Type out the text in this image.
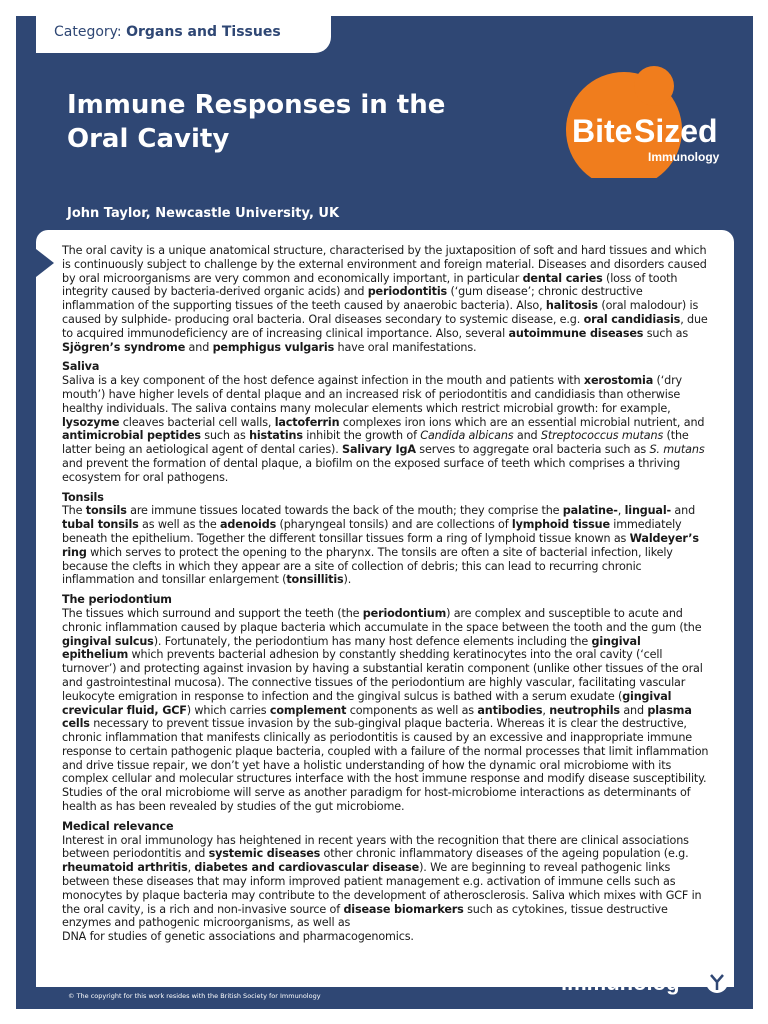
Category: Organs and Tissues
Immune Responses in the
Oral Cavity	Bite Sized
Immunology
John Taylor, Newcastle University, UK

The oral cavity is a unique anatomical structure, characterised by the juxtaposition of soft and hard tissues and which is continuously subject to challenge by the external environment and foreign material. Diseases and disorders caused by oral microorganisms are very common and economically important, in particular dental caries (loss of tooth integrity caused by bacteria-derived organic acids) and periodontitis (‘gum disease’; chronic destructive inflammation of the supporting tissues of the teeth caused by anaerobic bacteria). Also, halitosis (oral malodour) is caused by sulphide- producing oral bacteria. Oral diseases secondary to systemic disease, e.g. oral candidiasis, due to acquired immunodeficiency are of increasing clinical importance. Also, several autoimmune diseases such as Sjögren’s syndrome and pemphigus vulgaris have oral manifestations.

Saliva
Saliva is a key component of the host defence against infection in the mouth and patients with xerostomia (‘dry mouth’) have higher levels of dental plaque and an increased risk of periodontitis and candidiasis than otherwise healthy individuals. The saliva contains many molecular elements which restrict microbial growth: for example, lysozyme cleaves bacterial cell walls, lactoferrin complexes iron ions which are an essential microbial nutrient, and antimicrobial peptides such as histatins inhibit the growth of Candida albicans and Streptococcus mutans (the latter being an aetiological agent of dental caries). Salivary IgA serves to aggregate oral bacteria such as S. mutans and prevent the formation of dental plaque, a biofilm on the exposed surface of teeth which comprises a thriving ecosystem for oral pathogens.

Tonsils
The tonsils are immune tissues located towards the back of the mouth; they comprise the palatine-, lingual- and tubal tonsils as well as the adenoids (pharyngeal tonsils) and are collections of lymphoid tissue immediately beneath the epithelium. Together the different tonsillar tissues form a ring of lymphoid tissue known as Waldeyer’s ring which serves to protect the opening to the pharynx. The tonsils are often a site of bacterial infection, likely because the clefts in which they appear are a site of collection of debris; this can lead to recurring chronic inflammation and tonsillar enlargement (tonsillitis).

The periodontium
The tissues which surround and support the teeth (the periodontium) are complex and susceptible to acute and chronic inflammation caused by plaque bacteria which accumulate in the space between the tooth and the gum (the gingival sulcus). Fortunately, the periodontium has many host defence elements including the gingival epithelium which prevents bacterial adhesion by constantly shedding keratinocytes into the oral cavity (‘cell turnover’) and protecting against invasion by having a substantial keratin component (unlike other tissues of the oral and gastrointestinal mucosa). The connective tissues of the periodontium are highly vascular, facilitating vascular leukocyte emigration in response to infection and the gingival sulcus is bathed with a serum exudate (gingival crevicular fluid, GCF) which carries complement components as well as antibodies, neutrophils and plasma cells necessary to prevent tissue invasion by the sub-gingival plaque bacteria. Whereas it is clear the destructive, chronic inflammation that manifests clinically as periodontitis is caused by an excessive and inappropriate immune response to certain pathogenic plaque bacteria, coupled with a failure of the normal processes that limit inflammation and drive tissue repair, we don’t yet have a holistic understanding of how the dynamic oral microbiome with its complex cellular and molecular structures interface with the host immune response and modify disease susceptibility. Studies of the oral microbiome will serve as another paradigm for host-microbiome interactions as determinants of health as has been revealed by studies of the gut microbiome.

Medical relevance
Interest in oral immunology has heightened in recent years with the recognition that there are clinical associations between periodontitis and systemic diseases other chronic inflammatory diseases of the ageing population (e.g. rheumatoid arthritis, diabetes and cardiovascular disease). We are beginning to reveal pathogenic links between these diseases that may inform improved patient management e.g. activation of immune cells such as monocytes by plaque bacteria may contribute to the development of atherosclerosis. Saliva which mixes with GCF in the oral cavity, is a rich and non-invasive source of disease biomarkers such as cytokines, tissue destructive enzymes and pathogenic microorganisms, as well as
DNA for studies of genetic associations and pharmacogenomics.

British Society for
immunolog
© The copyright for this work resides with the British Society for Immunology
